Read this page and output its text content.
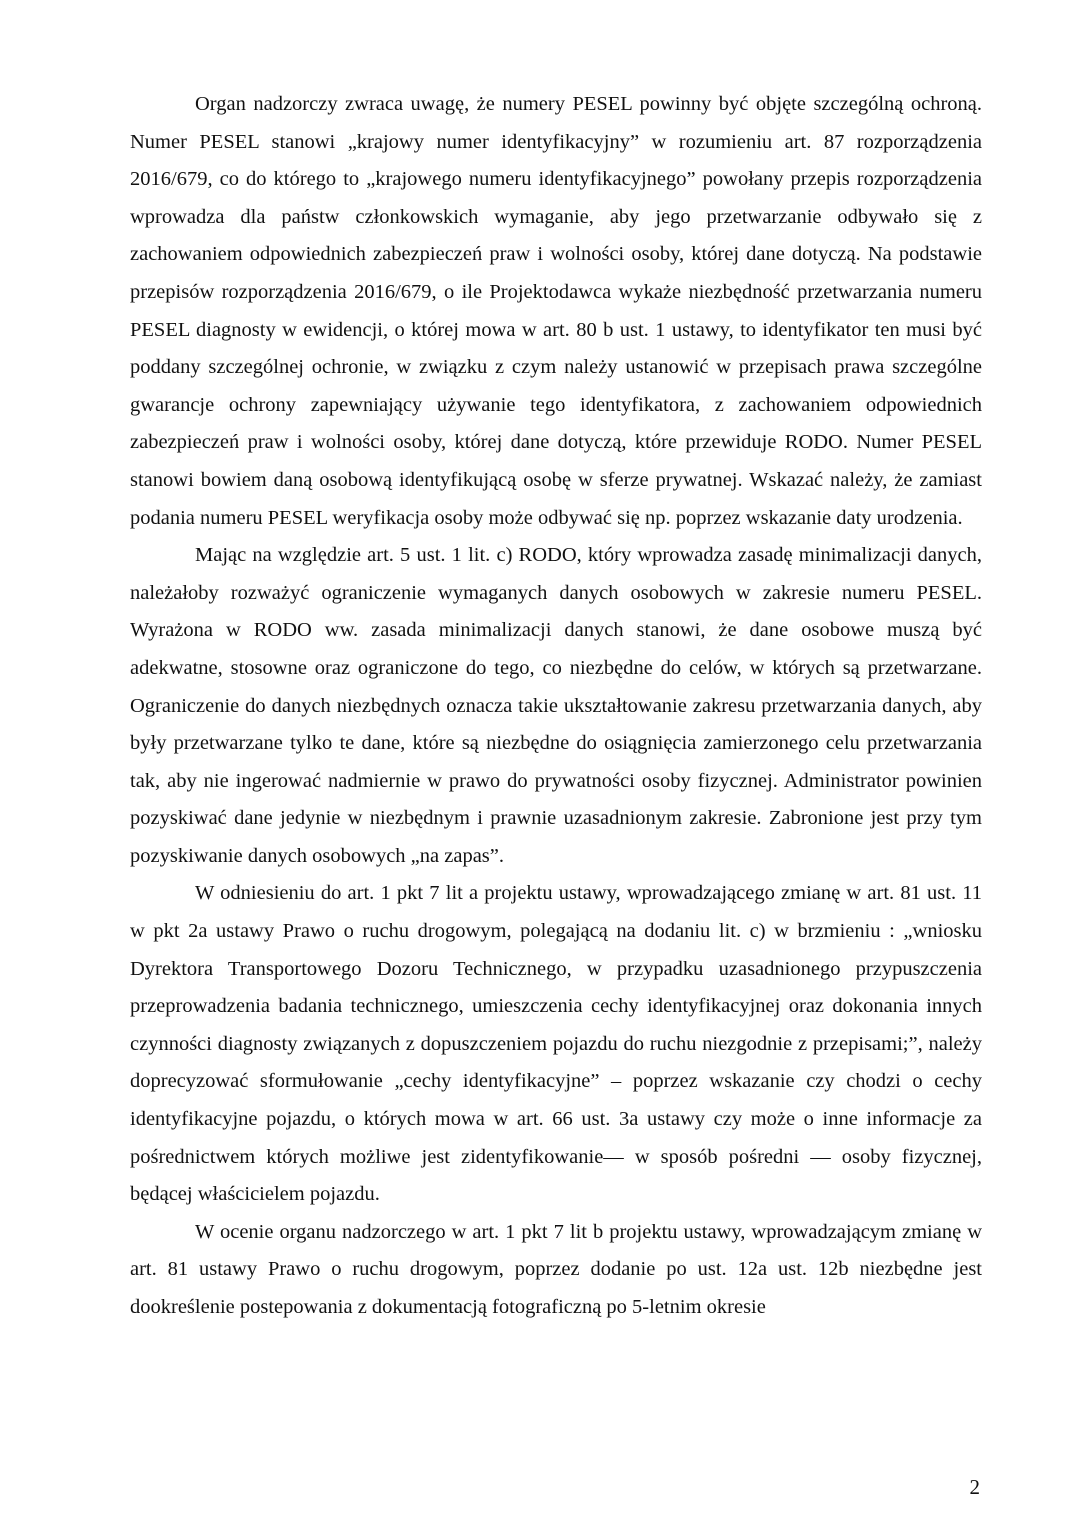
Organ nadzorczy zwraca uwagę, że numery PESEL powinny być objęte szczególną ochroną. Numer PESEL stanowi „krajowy numer identyfikacyjny” w rozumieniu art. 87 rozporządzenia 2016/679, co do którego to „krajowego numeru identyfikacyjnego” powołany przepis rozporządzenia wprowadza dla państw członkowskich wymaganie, aby jego przetwarzanie odbywało się z zachowaniem odpowiednich zabezpieczeń praw i wolności osoby, której dane dotyczą. Na podstawie przepisów rozporządzenia 2016/679, o ile Projektodawca wykaże niezbędność przetwarzania numeru PESEL diagnosty w ewidencji, o której mowa w art. 80 b ust. 1 ustawy, to identyfikator ten musi być poddany szczególnej ochronie, w związku z czym należy ustanowić w przepisach prawa szczególne gwarancje ochrony zapewniający używanie tego identyfikatora, z zachowaniem odpowiednich zabezpieczeń praw i wolności osoby, której dane dotyczą, które przewiduje RODO. Numer PESEL stanowi bowiem daną osobową identyfikującą osobę w sferze prywatnej. Wskazać należy, że zamiast podania numeru PESEL weryfikacja osoby może odbywać się np. poprzez wskazanie daty urodzenia.

Mając na względzie art. 5 ust. 1 lit. c) RODO, który wprowadza zasadę minimalizacji danych, należałoby rozważyć ograniczenie wymaganych danych osobowych w zakresie numeru PESEL. Wyrażona w RODO ww. zasada minimalizacji danych stanowi, że dane osobowe muszą być adekwatne, stosowne oraz ograniczone do tego, co niezbędne do celów, w których są przetwarzane. Ograniczenie do danych niezbędnych oznacza takie ukształtowanie zakresu przetwarzania danych, aby były przetwarzane tylko te dane, które są niezbędne do osiągnięcia zamierzonego celu przetwarzania tak, aby nie ingerować nadmiernie w prawo do prywatności osoby fizycznej. Administrator powinien pozyskiwać dane jedynie w niezbędnym i prawnie uzasadnionym zakresie. Zabronione jest przy tym pozyskiwanie danych osobowych „na zapas”.

W odniesieniu do art. 1 pkt 7 lit a projektu ustawy, wprowadzającego zmianę w art. 81 ust. 11 w pkt 2a ustawy Prawo o ruchu drogowym, polegającą na dodaniu lit. c) w brzmieniu : „wniosku Dyrektora Transportowego Dozoru Technicznego, w przypadku uzasadnionego przypuszczenia przeprowadzenia badania technicznego, umieszczenia cechy identyfikacyjnej oraz dokonania innych czynności diagnosty związanych z dopuszczeniem pojazdu do ruchu niezgodnie z przepisami;”, należy doprecyzować sformułowanie „cechy identyfikacyjne” – poprzez wskazanie czy chodzi o cechy identyfikacyjne pojazdu, o których mowa w art. 66 ust. 3a ustawy czy może o inne informacje za pośrednictwem których możliwe jest zidentyfikowanie— w sposób pośredni — osoby fizycznej, będącej właścicielem pojazdu.

W ocenie organu nadzorczego w art. 1 pkt 7 lit b projektu ustawy, wprowadzającym zmianę w art. 81 ustawy Prawo o ruchu drogowym, poprzez dodanie po ust. 12a ust. 12b niezbędne jest dookreślenie postepowania z dokumentacją fotograficzną po 5-letnim okresie

2
